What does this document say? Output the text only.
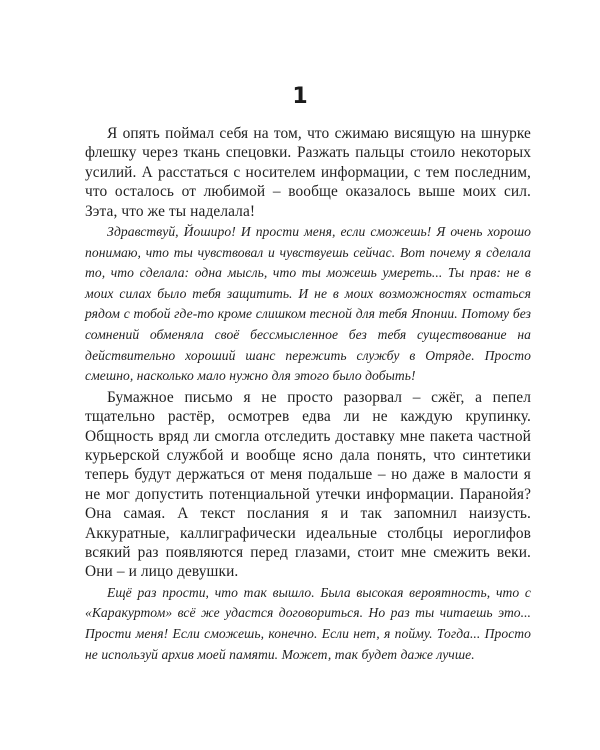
1

Я опять поймал себя на том, что сжимаю висящую на шнурке флешку через ткань спецовки. Разжать пальцы стоило некоторых усилий. А расстаться с носителем информации, с тем последним, что осталось от любимой – вообще оказалось выше моих сил. Зэта, что же ты наделала!

Здравствуй, Йоширо! И прости меня, если сможешь! Я очень хорошо понимаю, что ты чувствовал и чувствуешь сейчас. Вот почему я сделала то, что сделала: одна мысль, что ты можешь умереть... Ты прав: не в моих силах было тебя защитить. И не в моих возможностях остаться рядом с тобой где-то кроме слишком тесной для тебя Японии. Потому без сомнений обменяла своё бессмысленное без тебя существование на действительно хороший шанс пережить службу в Отряде. Просто смешно, насколько мало нужно для этого было добыть!

Бумажное письмо я не просто разорвал – сжёг, а пепел тщательно растёр, осмотрев едва ли не каждую крупинку. Общность вряд ли смогла отследить доставку мне пакета частной курьерской службой и вообще ясно дала понять, что синтетики теперь будут держаться от меня подальше – но даже в малости я не мог допустить потенциальной утечки информации. Паранойя? Она самая. А текст послания я и так запомнил наизусть. Аккуратные, каллиграфически идеальные столбцы иероглифов всякий раз появляются перед глазами, стоит мне смежить веки. Они – и лицо девушки.

Ещё раз прости, что так вышло. Была высокая вероятность, что с «Каракуртом» всё же удастся договориться. Но раз ты читаешь это... Прости меня! Если сможешь, конечно. Если нет, я пойму. Тогда... Просто не используй архив моей памяти. Может, так будет даже лучше.
